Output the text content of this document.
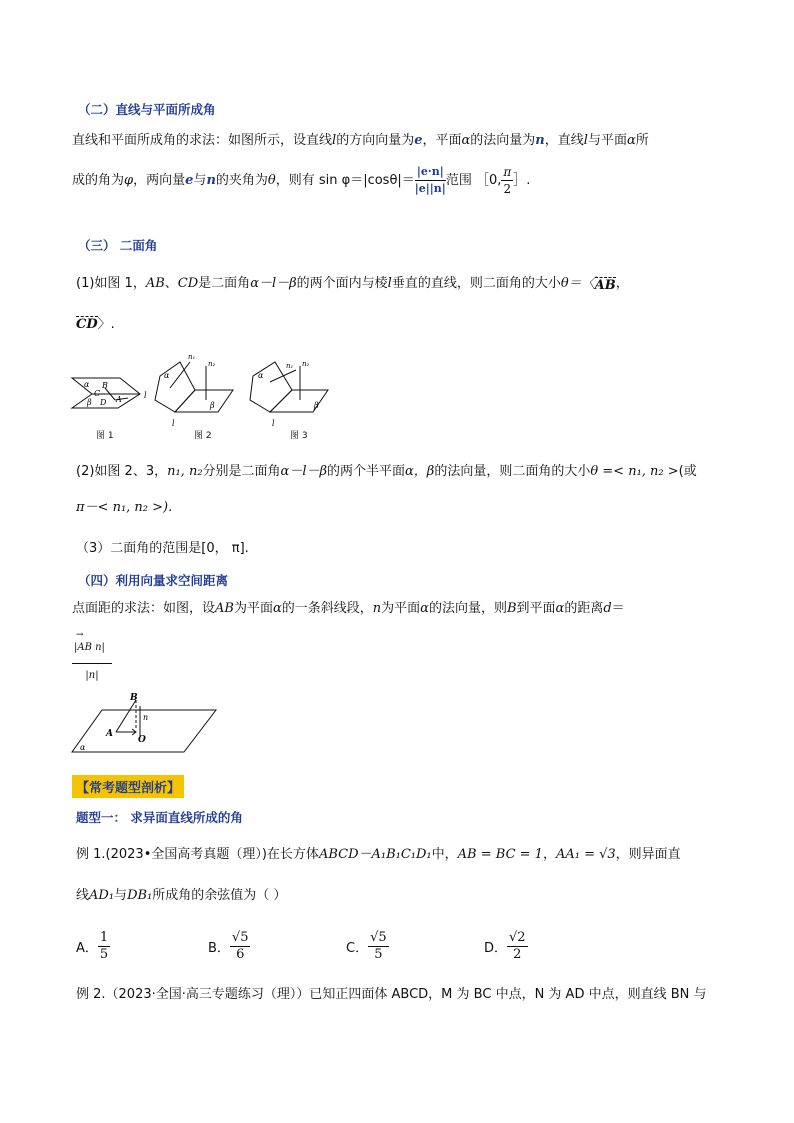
（二）直线与平面所成角
直线和平面所成角的求法：如图所示，设直线l的方向向量为e，平面α的法向量为n，直线l与平面α所
成的角为φ，两向量e与n的夹角为θ，则有 $\sin \varphi=|\cos\theta|= \frac{|e\cdot n|}{|e||n|}$ 范围 ［0, $\frac{\pi}{2}$ ］.
（三） 二面角
(1)如图 1，AB、CD是二面角α－l－β的两个面内与棱l垂直的直线，则二面角的大小θ＝〈AB，
CD〉.
α B
C
β D A	l
α
n₁
n₂
β
l
α
n₁ n₂
β
l
图 1	图 2	图 3
(2)如图 2、3，n₁, n₂分别是二面角α－l－β的两个半平面α，β的法向量，则二面角的大小θ =< n₁, n₂ >(或
π－< n₁, n₂ >).
（3）二面角的范围是[0， π].
（四）利用向量求空间距离
点面距的求法：如图，设AB为平面α的一条斜线段，n为平面α的法向量，则B到平面α的距离d＝
→
|AB n|
|n|
B
n
A
O
α
【常考题型剖析】
题型一： 求异面直线所成的角
例 1.(2023•全国高考真题（理）)在长方体ABCD－A₁B₁C₁D₁中，AB = BC = 1，AA₁ = √3，则异面直
线AD₁与DB₁所成角的余弦值为（ ）
A． $\frac{1}{5}$	B． $\frac{√5}{6}$	C． $\frac{√5}{5}$	D． $\frac{√2}{2}$
例 2.（2023·全国·高三专题练习（理））已知正四面体 ABCD，M 为 BC 中点，N 为 AD 中点，则直线 BN 与
